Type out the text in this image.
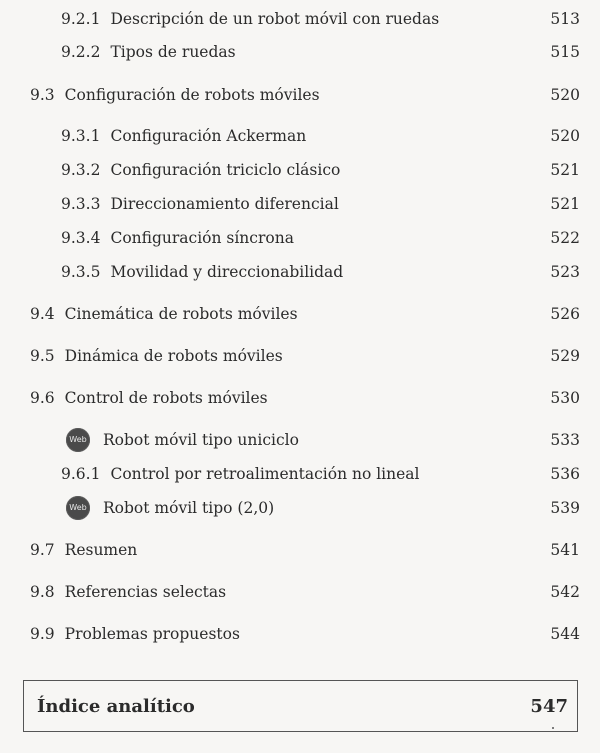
9.2.1 Descripción de un robot móvil con ruedas	513
9.2.2 Tipos de ruedas	515
9.3 Configuración de robots móviles	520
9.3.1 Configuración Ackerman	520
9.3.2 Configuración triciclo clásico	521
9.3.3 Direccionamiento diferencial	521
9.3.4 Configuración síncrona	522
9.3.5 Movilidad y direccionabilidad	523
9.4 Cinemática de robots móviles	526
9.5 Dinámica de robots móviles	529
9.6 Control de robots móviles	530
Web Robot móvil tipo uniciclo	533
9.6.1 Control por retroalimentación no lineal	536
Web Robot móvil tipo (2,0)	539
9.7 Resumen	541
9.8 Referencias selectas	542
9.9 Problemas propuestos	544
Índice analítico	547
